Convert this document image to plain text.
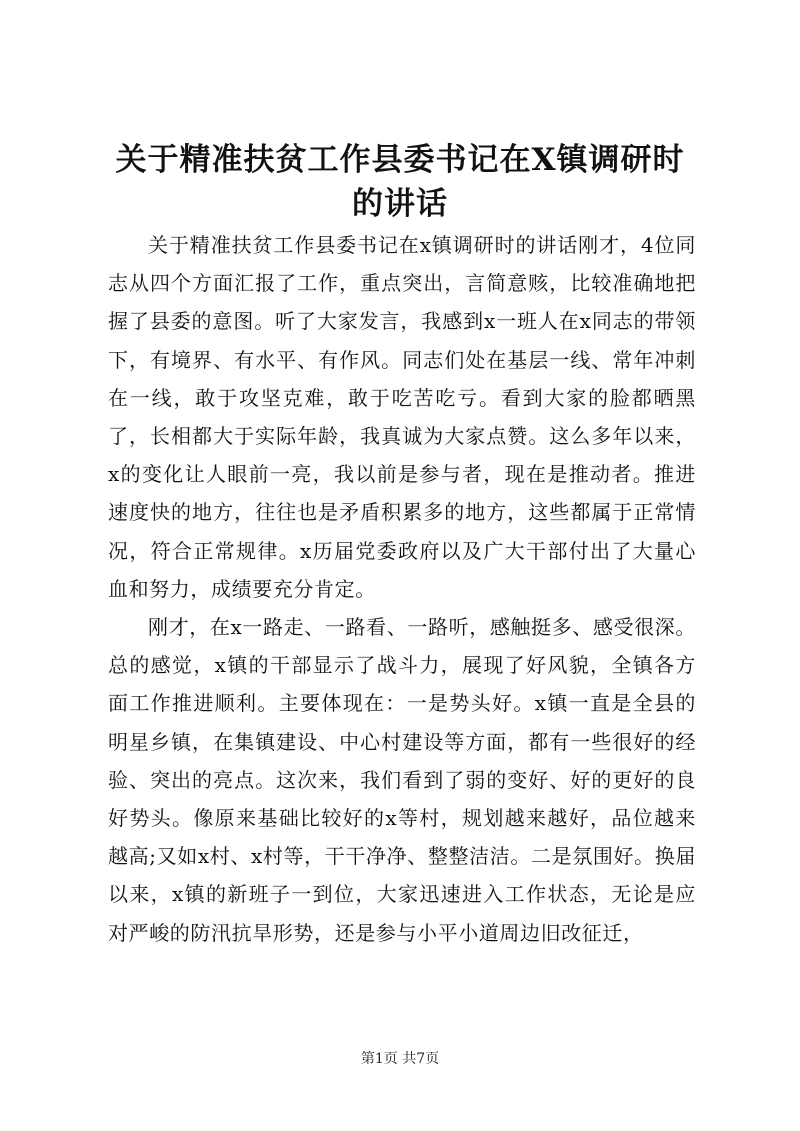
关于精准扶贫工作县委书记在X镇调研时的讲话

关于精准扶贫工作县委书记在x镇调研时的讲话刚才，4位同志从四个方面汇报了工作，重点突出，言简意赅，比较准确地把握了县委的意图。听了大家发言，我感到x一班人在x同志的带领下，有境界、有水平、有作风。同志们处在基层一线、常年冲刺在一线，敢于攻坚克难，敢于吃苦吃亏。看到大家的脸都晒黑了，长相都大于实际年龄，我真诚为大家点赞。这么多年以来，x的变化让人眼前一亮，我以前是参与者，现在是推动者。推进速度快的地方，往往也是矛盾积累多的地方，这些都属于正常情况，符合正常规律。x历届党委政府以及广大干部付出了大量心血和努力，成绩要充分肯定。

刚才，在x一路走、一路看、一路听，感触挺多、感受很深。总的感觉，x镇的干部显示了战斗力，展现了好风貌，全镇各方面工作推进顺利。主要体现在：一是势头好。x镇一直是全县的明星乡镇，在集镇建设、中心村建设等方面，都有一些很好的经验、突出的亮点。这次来，我们看到了弱的变好、好的更好的良好势头。像原来基础比较好的x等村，规划越来越好，品位越来越高;又如x村、x村等，干干净净、整整洁洁。二是氛围好。换届以来，x镇的新班子一到位，大家迅速进入工作状态，无论是应对严峻的防汛抗旱形势，还是参与小平小道周边旧改征迁，

第1页 共7页
